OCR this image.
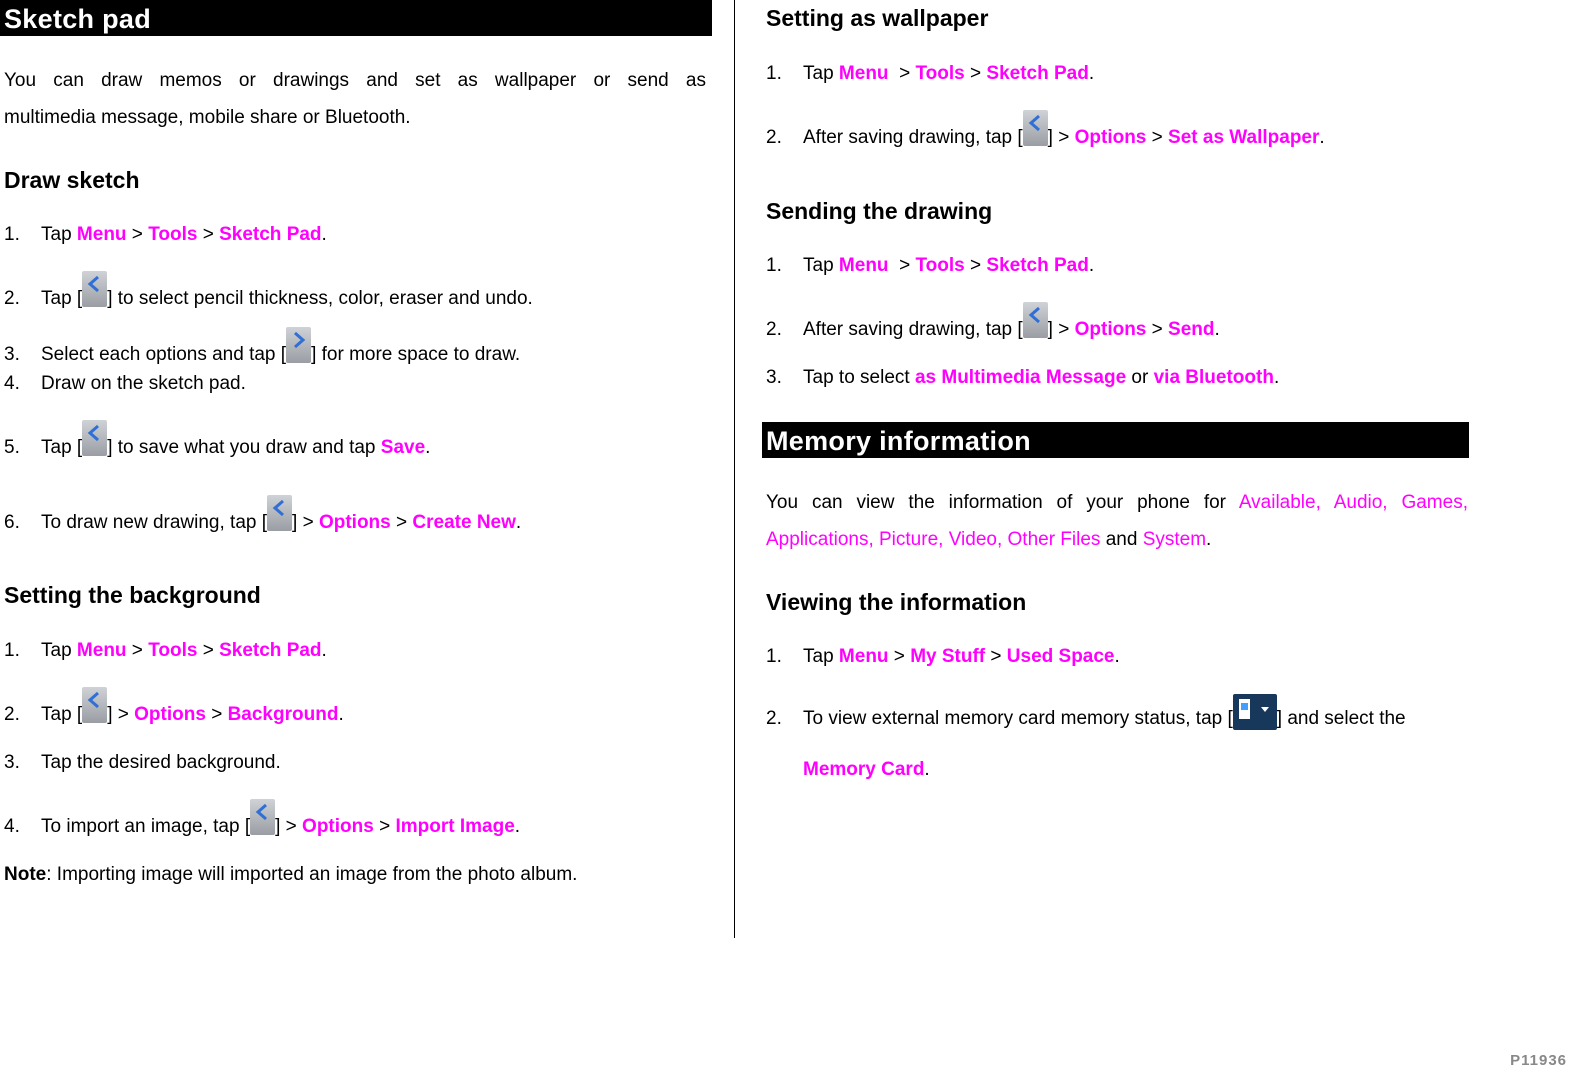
Sketch pad
You can draw memos or drawings and set as wallpaper or send as
multimedia message, mobile share or Bluetooth.
Draw sketch
1. Tap Menu > Tools > Sketch Pad.
2. Tap [ ] to select pencil thickness, color, eraser and undo.
3. Select each options and tap [ ] for more space to draw.
4. Draw on the sketch pad.
5. Tap [ ] to save what you draw and tap Save.
6. To draw new drawing, tap [ ] > Options > Create New.
Setting the background
1. Tap Menu > Tools > Sketch Pad.
2. Tap [ ] > Options > Background.
3. Tap the desired background.
4. To import an image, tap [ ] > Options > Import Image.
Note: Importing image will imported an image from the photo album.
Setting as wallpaper
1. Tap Menu  > Tools > Sketch Pad.
2. After saving drawing, tap [ ] > Options > Set as Wallpaper.
Sending the drawing
1. Tap Menu  > Tools > Sketch Pad.
2. After saving drawing, tap [ ] > Options > Send.
3. Tap to select as Multimedia Message or via Bluetooth.
Memory information
You can view the information of your phone for Available, Audio, Games,
Applications, Picture, Video, Other Files and System.
Viewing the information
1. Tap Menu > My Stuff > Used Space.
2. To view external memory card memory status, tap [ ] and select the
Memory Card.
P11936
